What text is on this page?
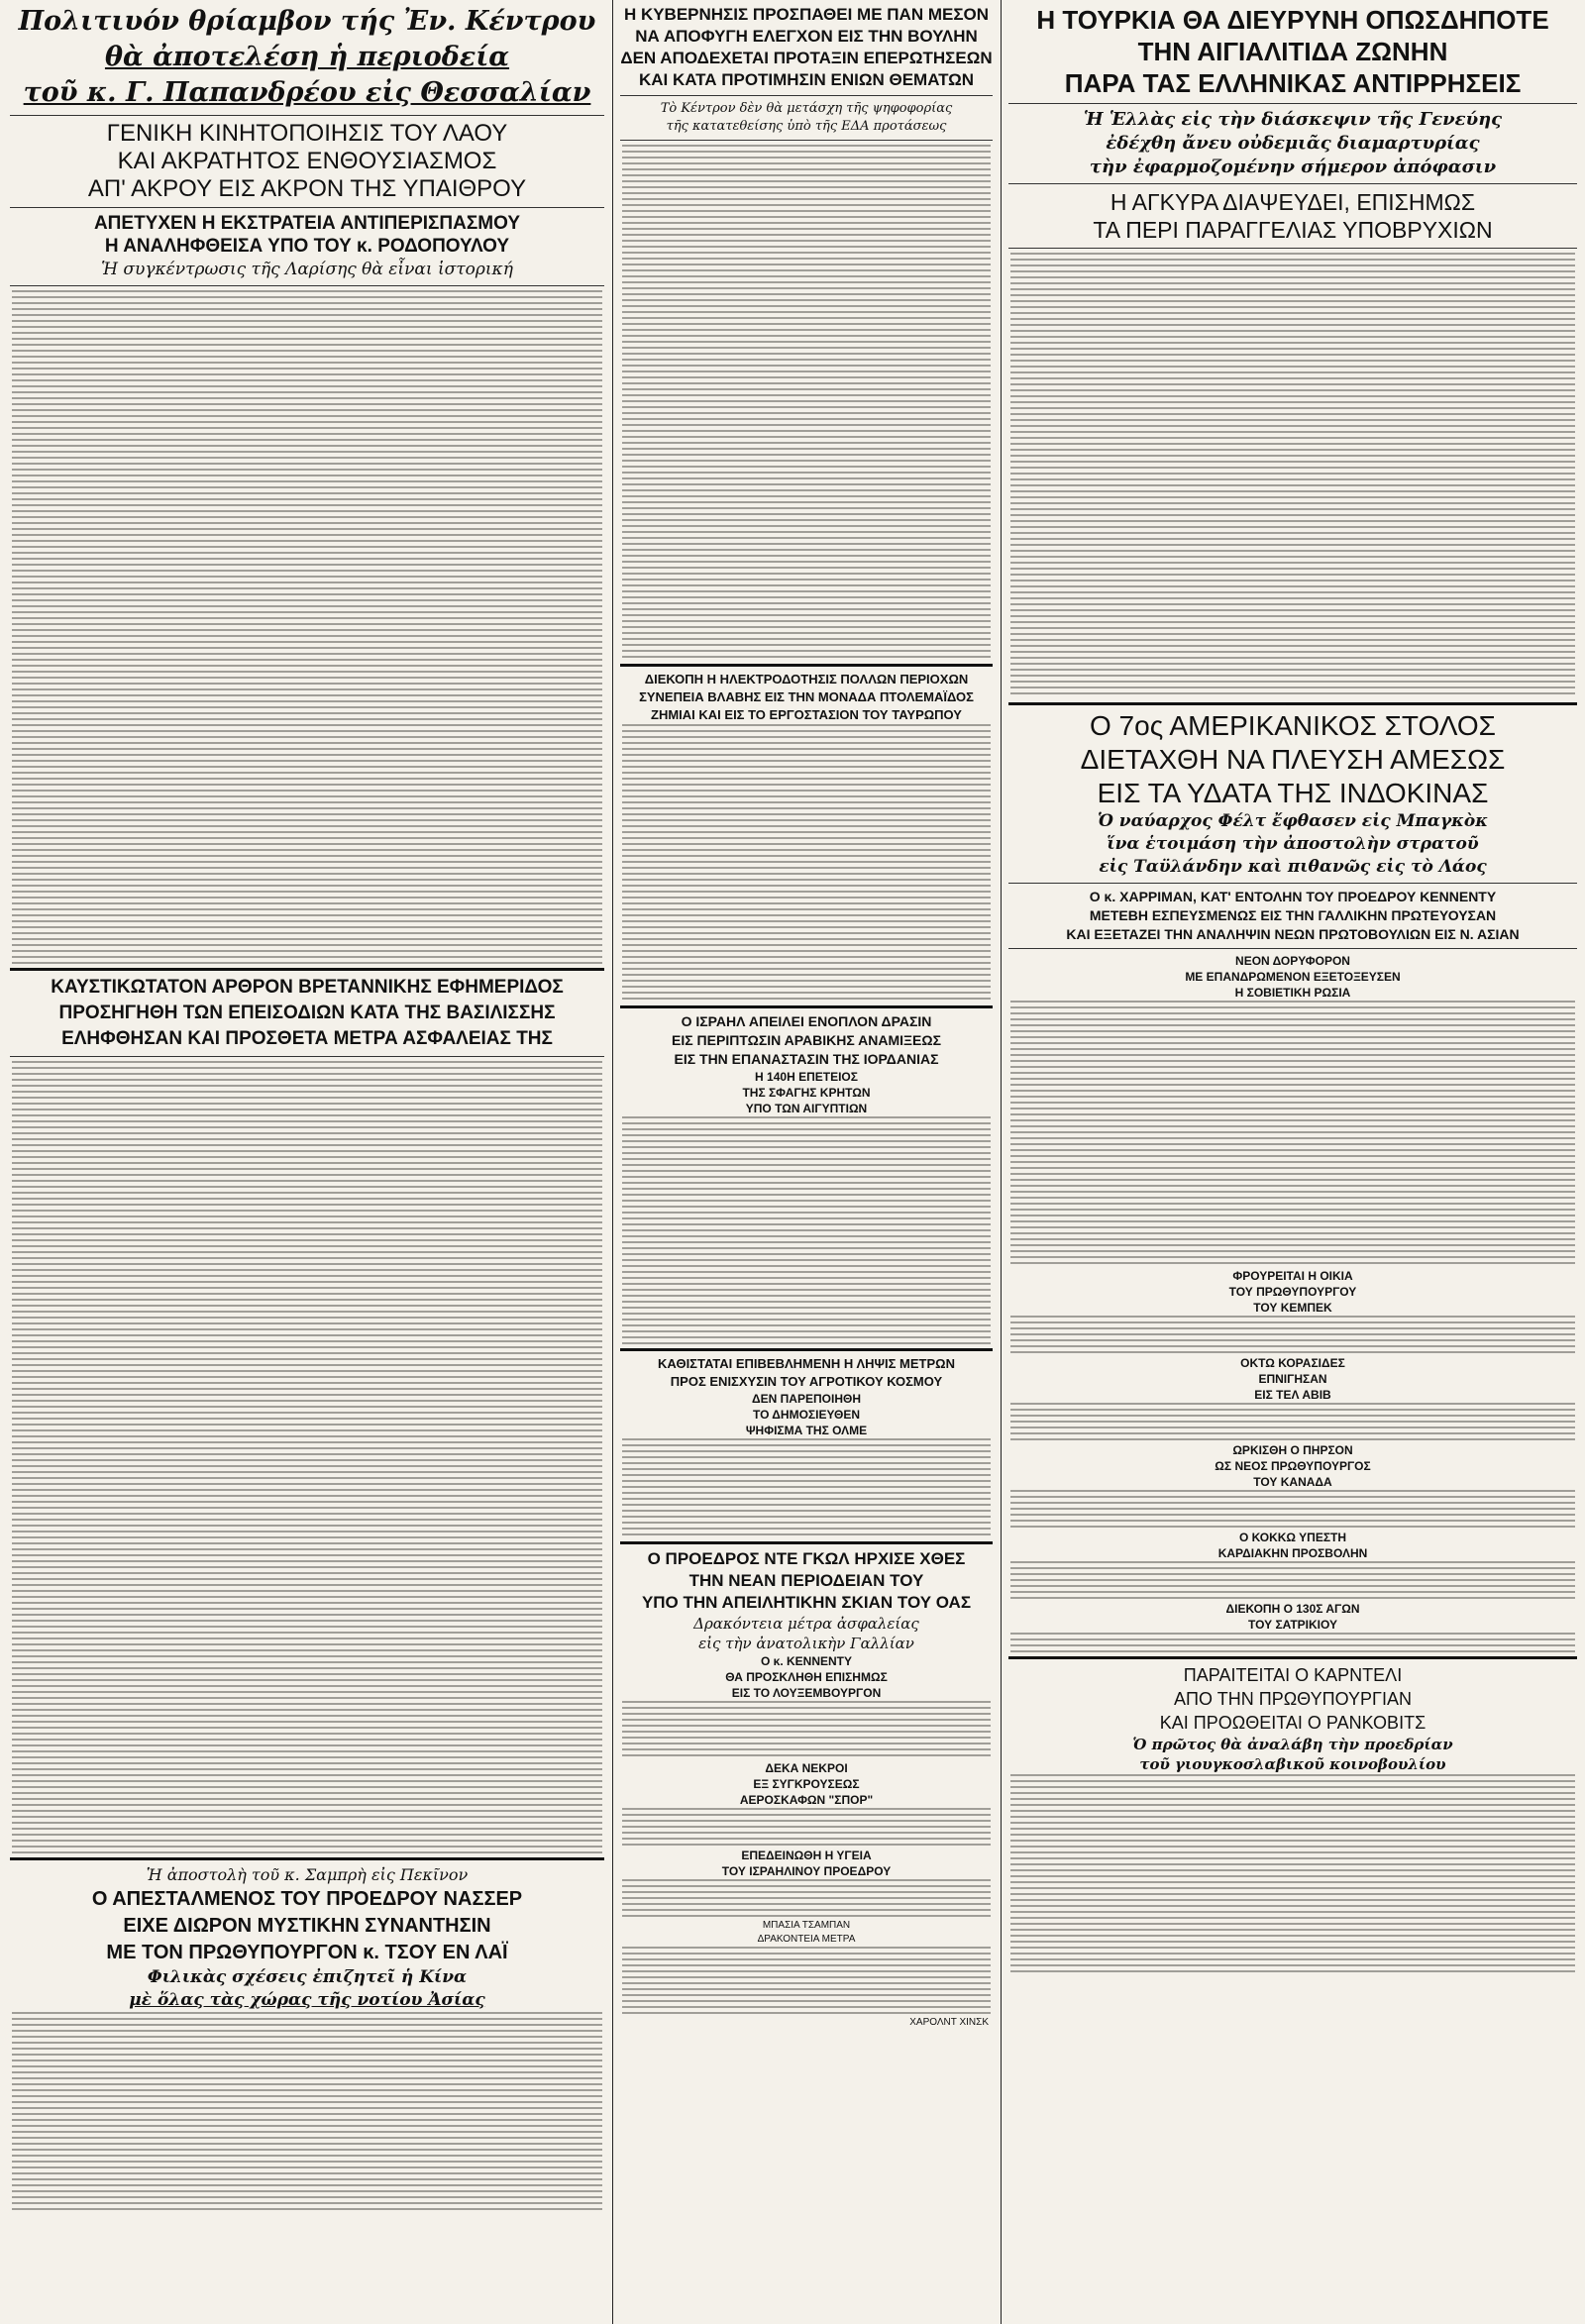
Πολιτιυόν θρίαμβον τής Ἐν. Κέντρου
θὰ ἀποτελέση ἡ περιοδεία
τοῦ κ. Γ. Παπανδρέου εἰς Θεσσαλίαν
ΓΕΝΙΚΗ ΚΙΝΗΤΟΠΟΙΗΣΙΣ ΤΟΥ ΛΑΟΥ
ΚΑΙ ΑΚΡΑΤΗΤΟΣ ΕΝΘΟΥΣΙΑΣΜΟΣ
ΑΠ' ΑΚΡΟΥ ΕΙΣ ΑΚΡΟΝ ΤΗΣ ΥΠΑΙΘΡΟΥ
ΑΠΕΤΥΧΕΝ Η ΕΚΣΤΡΑΤΕΙΑ ΑΝΤΙΠΕΡΙΣΠΑΣΜΟΥ
Η ΑΝΑΛΗΦΘΕΙΣΑ ΥΠΟ ΤΟΥ κ. ΡΟΔΟΠΟΥΛΟΥ
Ἡ συγκέντρωσις τῆς Λαρίσης θὰ εἶναι ἱστορική
ΚΑΥΣΤΙΚΩΤΑΤΟΝ ΑΡΘΡΟΝ ΒΡΕΤΑΝΝΙΚΗΣ ΕΦΗΜΕΡΙΔΟΣ
ΠΡΟΣΗΓΗΘΗ ΤΩΝ ΕΠΕΙΣΟΔΙΩΝ ΚΑΤΑ ΤΗΣ ΒΑΣΙΛΙΣΣΗΣ
ΕΛΗΦΘΗΣΑΝ ΚΑΙ ΠΡΟΣΘΕΤΑ ΜΕΤΡΑ ΑΣΦΑΛΕΙΑΣ ΤΗΣ
Ἡ ἀποστολὴ τοῦ κ. Σαμπρὴ εἰς Πεκῖνον
Ο ΑΠΕΣΤΑΛΜΕΝΟΣ ΤΟΥ ΠΡΟΕΔΡΟΥ ΝΑΣΣΕΡ
ΕΙΧΕ ΔΙΩΡΟΝ ΜΥΣΤΙΚΗΝ ΣΥΝΑΝΤΗΣΙΝ
ΜΕ ΤΟΝ ΠΡΩΘΥΠΟΥΡΓΟΝ κ. ΤΣΟΥ ΕΝ ΛΑΪ
Φιλικὰς σχέσεις ἐπιζητεῖ ἡ Κίνα
μὲ ὅλας τὰς χώρας τῆς νοτίου Ἀσίας
Η ΚΥΒΕΡΝΗΣΙΣ ΠΡΟΣΠΑΘΕΙ ΜΕ ΠΑΝ ΜΕΣΟΝ
ΝΑ ΑΠΟΦΥΓΗ ΕΛΕΓΧΟΝ ΕΙΣ ΤΗΝ ΒΟΥΛΗΝ
ΔΕΝ ΑΠΟΔΕΧΕΤΑΙ ΠΡΟΤΑΞΙΝ ΕΠΕΡΩΤΗΣΕΩΝ
ΚΑΙ ΚΑΤΑ ΠΡΟΤΙΜΗΣΙΝ ΕΝΙΩΝ ΘΕΜΑΤΩΝ
Τὸ Κέντρον δὲν θὰ μετάσχη τῆς ψηφοφορίας
τῆς κατατεθείσης ὑπὸ τῆς ΕΔΑ προτάσεως
ΔΙΕΚΟΠΗ Η ΗΛΕΚΤΡΟΔΟΤΗΣΙΣ ΠΟΛΛΩΝ ΠΕΡΙΟΧΩΝ
ΣΥΝΕΠΕΙΑ ΒΛΑΒΗΣ ΕΙΣ ΤΗΝ ΜΟΝΑΔΑ ΠΤΟΛΕΜΑΪΔΟΣ
ΖΗΜΙΑΙ ΚΑΙ ΕΙΣ ΤΟ ΕΡΓΟΣΤΑΣΙΟΝ ΤΟΥ ΤΑΥΡΩΠΟΥ
Ο ΙΣΡΑΗΛ ΑΠΕΙΛΕΙ ΕΝΟΠΛΟΝ ΔΡΑΣΙΝ
ΕΙΣ ΠΕΡΙΠΤΩΣΙΝ ΑΡΑΒΙΚΗΣ ΑΝΑΜΙΞΕΩΣ
ΕΙΣ ΤΗΝ ΕΠΑΝΑΣΤΑΣΙΝ ΤΗΣ ΙΟΡΔΑΝΙΑΣ
Η 140Η ΕΠΕΤΕΙΟΣ
ΤΗΣ ΣΦΑΓΗΣ ΚΡΗΤΩΝ
ΥΠΟ ΤΩΝ ΑΙΓΥΠΤΙΩΝ
ΚΑΘΙΣΤΑΤΑΙ ΕΠΙΒΕΒΛΗΜΕΝΗ Η ΛΗΨΙΣ ΜΕΤΡΩΝ
ΠΡΟΣ ΕΝΙΣΧΥΣΙΝ ΤΟΥ ΑΓΡΟΤΙΚΟΥ ΚΟΣΜΟΥ
ΔΕΝ ΠΑΡΕΠΟΙΗΘΗ
ΤΟ ΔΗΜΟΣΙΕΥΘΕΝ
ΨΗΦΙΣΜΑ ΤΗΣ ΟΛΜΕ
Ο ΠΡΟΕΔΡΟΣ ΝΤΕ ΓΚΩΛ ΗΡΧΙΣΕ ΧΘΕΣ
ΤΗΝ ΝΕΑΝ ΠΕΡΙΟΔΕΙΑΝ ΤΟΥ
ΥΠΟ ΤΗΝ ΑΠΕΙΛΗΤΙΚΗΝ ΣΚΙΑΝ ΤΟΥ ΟΑΣ
Δρακόντεια μέτρα ἀσφαλείας
εἰς τὴν ἀνατολικὴν Γαλλίαν
Ο κ. ΚΕΝΝΕΝΤΥ
ΘΑ ΠΡΟΣΚΛΗΘΗ ΕΠΙΣΗΜΩΣ
ΕΙΣ ΤΟ ΛΟΥΞΕΜΒΟΥΡΓΟΝ
ΔΕΚΑ ΝΕΚΡΟΙ
ΕΞ ΣΥΓΚΡΟΥΣΕΩΣ
ΑΕΡΟΣΚΑΦΩΝ "ΣΠΟΡ"
ΕΠΕΔΕΙΝΩΘΗ Η ΥΓΕΙΑ
ΤΟΥ ΙΣΡΑΗΛΙΝΟΥ ΠΡΟΕΔΡΟΥ
ΜΠΑΣΙΑ ΤΣΑΜΠΑΝ
ΔΡΑΚΟΝΤΕΙΑ ΜΕΤΡΑ
ΧΑΡΟΛΝΤ ΧΙΝΣΚ
Η ΤΟΥΡΚΙΑ ΘΑ ΔΙΕΥΡΥΝΗ ΟΠΩΣΔΗΠΟΤΕ
ΤΗΝ ΑΙΓΙΑΛΙΤΙΔΑ ΖΩΝΗΝ
ΠΑΡΑ ΤΑΣ ΕΛΛΗΝΙΚΑΣ ΑΝΤΙΡΡΗΣΕΙΣ
Ἡ Ἑλλὰς εἰς τὴν διάσκεψιν τῆς Γενεύης
ἐδέχθη ἄνευ οὐδεμιᾶς διαμαρτυρίας
τὴν ἐφαρμοζομένην σήμερον ἀπόφασιν
Η ΑΓΚΥΡΑ ΔΙΑΨΕΥΔΕΙ, ΕΠΙΣΗΜΩΣ
ΤΑ ΠΕΡΙ ΠΑΡΑΓΓΕΛΙΑΣ ΥΠΟΒΡΥΧΙΩΝ
Ο 7ος ΑΜΕΡΙΚΑΝΙΚΟΣ ΣΤΟΛΟΣ
ΔΙΕΤΑΧΘΗ ΝΑ ΠΛΕΥΣΗ ΑΜΕΣΩΣ
ΕΙΣ ΤΑ ΥΔΑΤΑ ΤΗΣ ΙΝΔΟΚΙΝΑΣ
Ὁ ναύαρχος Φέλτ ἔφθασεν εἰς Μπαγκὸκ
ἵνα ἑτοιμάση τὴν ἀποστολὴν στρατοῦ
εἰς Ταϋλάνδην καὶ πιθανῶς εἰς τὸ Λάος
Ο κ. ΧΑΡΡΙΜΑΝ, ΚΑΤ' ΕΝΤΟΛΗΝ ΤΟΥ ΠΡΟΕΔΡΟΥ ΚΕΝΝΕΝΤΥ
ΜΕΤΕΒΗ ΕΣΠΕΥΣΜΕΝΩΣ ΕΙΣ ΤΗΝ ΓΑΛΛΙΚΗΝ ΠΡΩΤΕΥΟΥΣΑΝ
ΚΑΙ ΕΞΕΤΑΖΕΙ ΤΗΝ ΑΝΑΛΗΨΙΝ ΝΕΩΝ ΠΡΩΤΟΒΟΥΛΙΩΝ ΕΙΣ Ν. ΑΣΙΑΝ
ΝΕΟΝ ΔΟΡΥΦΟΡΟΝ
ΜΕ ΕΠΑΝΔΡΩΜΕΝΟΝ ΕΞΕΤΟΞΕΥΣΕΝ
Η ΣΟΒΙΕΤΙΚΗ ΡΩΣΙΑ
ΦΡΟΥΡΕΙΤΑΙ Η ΟΙΚΙΑ
ΤΟΥ ΠΡΩΘΥΠΟΥΡΓΟΥ
ΤΟΥ ΚΕΜΠΕΚ
ΟΚΤΩ ΚΟΡΑΣΙΔΕΣ
ΕΠΝΙΓΗΣΑΝ
ΕΙΣ ΤΕΛ ΑΒΙΒ
ΩΡΚΙΣΘΗ Ο ΠΗΡΣΟΝ
ΩΣ ΝΕΟΣ ΠΡΩΘΥΠΟΥΡΓΟΣ
ΤΟΥ ΚΑΝΑΔΑ
Ο ΚΟΚΚΩ ΥΠΕΣΤΗ
ΚΑΡΔΙΑΚΗΝ ΠΡΟΣΒΟΛΗΝ
ΔΙΕΚΟΠΗ Ο 130Σ ΑΓΩΝ
ΤΟΥ ΣΑΤΡΙΚΙΟΥ
ΠΑΡΑΙΤΕΙΤΑΙ Ο ΚΑΡΝΤΕΛΙ
ΑΠΟ ΤΗΝ ΠΡΩΘΥΠΟΥΡΓΙΑΝ
ΚΑΙ ΠΡΟΩΘΕΙΤΑΙ Ο ΡΑΝΚΟΒΙΤΣ
Ὁ πρῶτος θὰ ἀναλάβη τὴν προεδρίαν
τοῦ γιουγκοσλαβικοῦ κοινοβουλίου
